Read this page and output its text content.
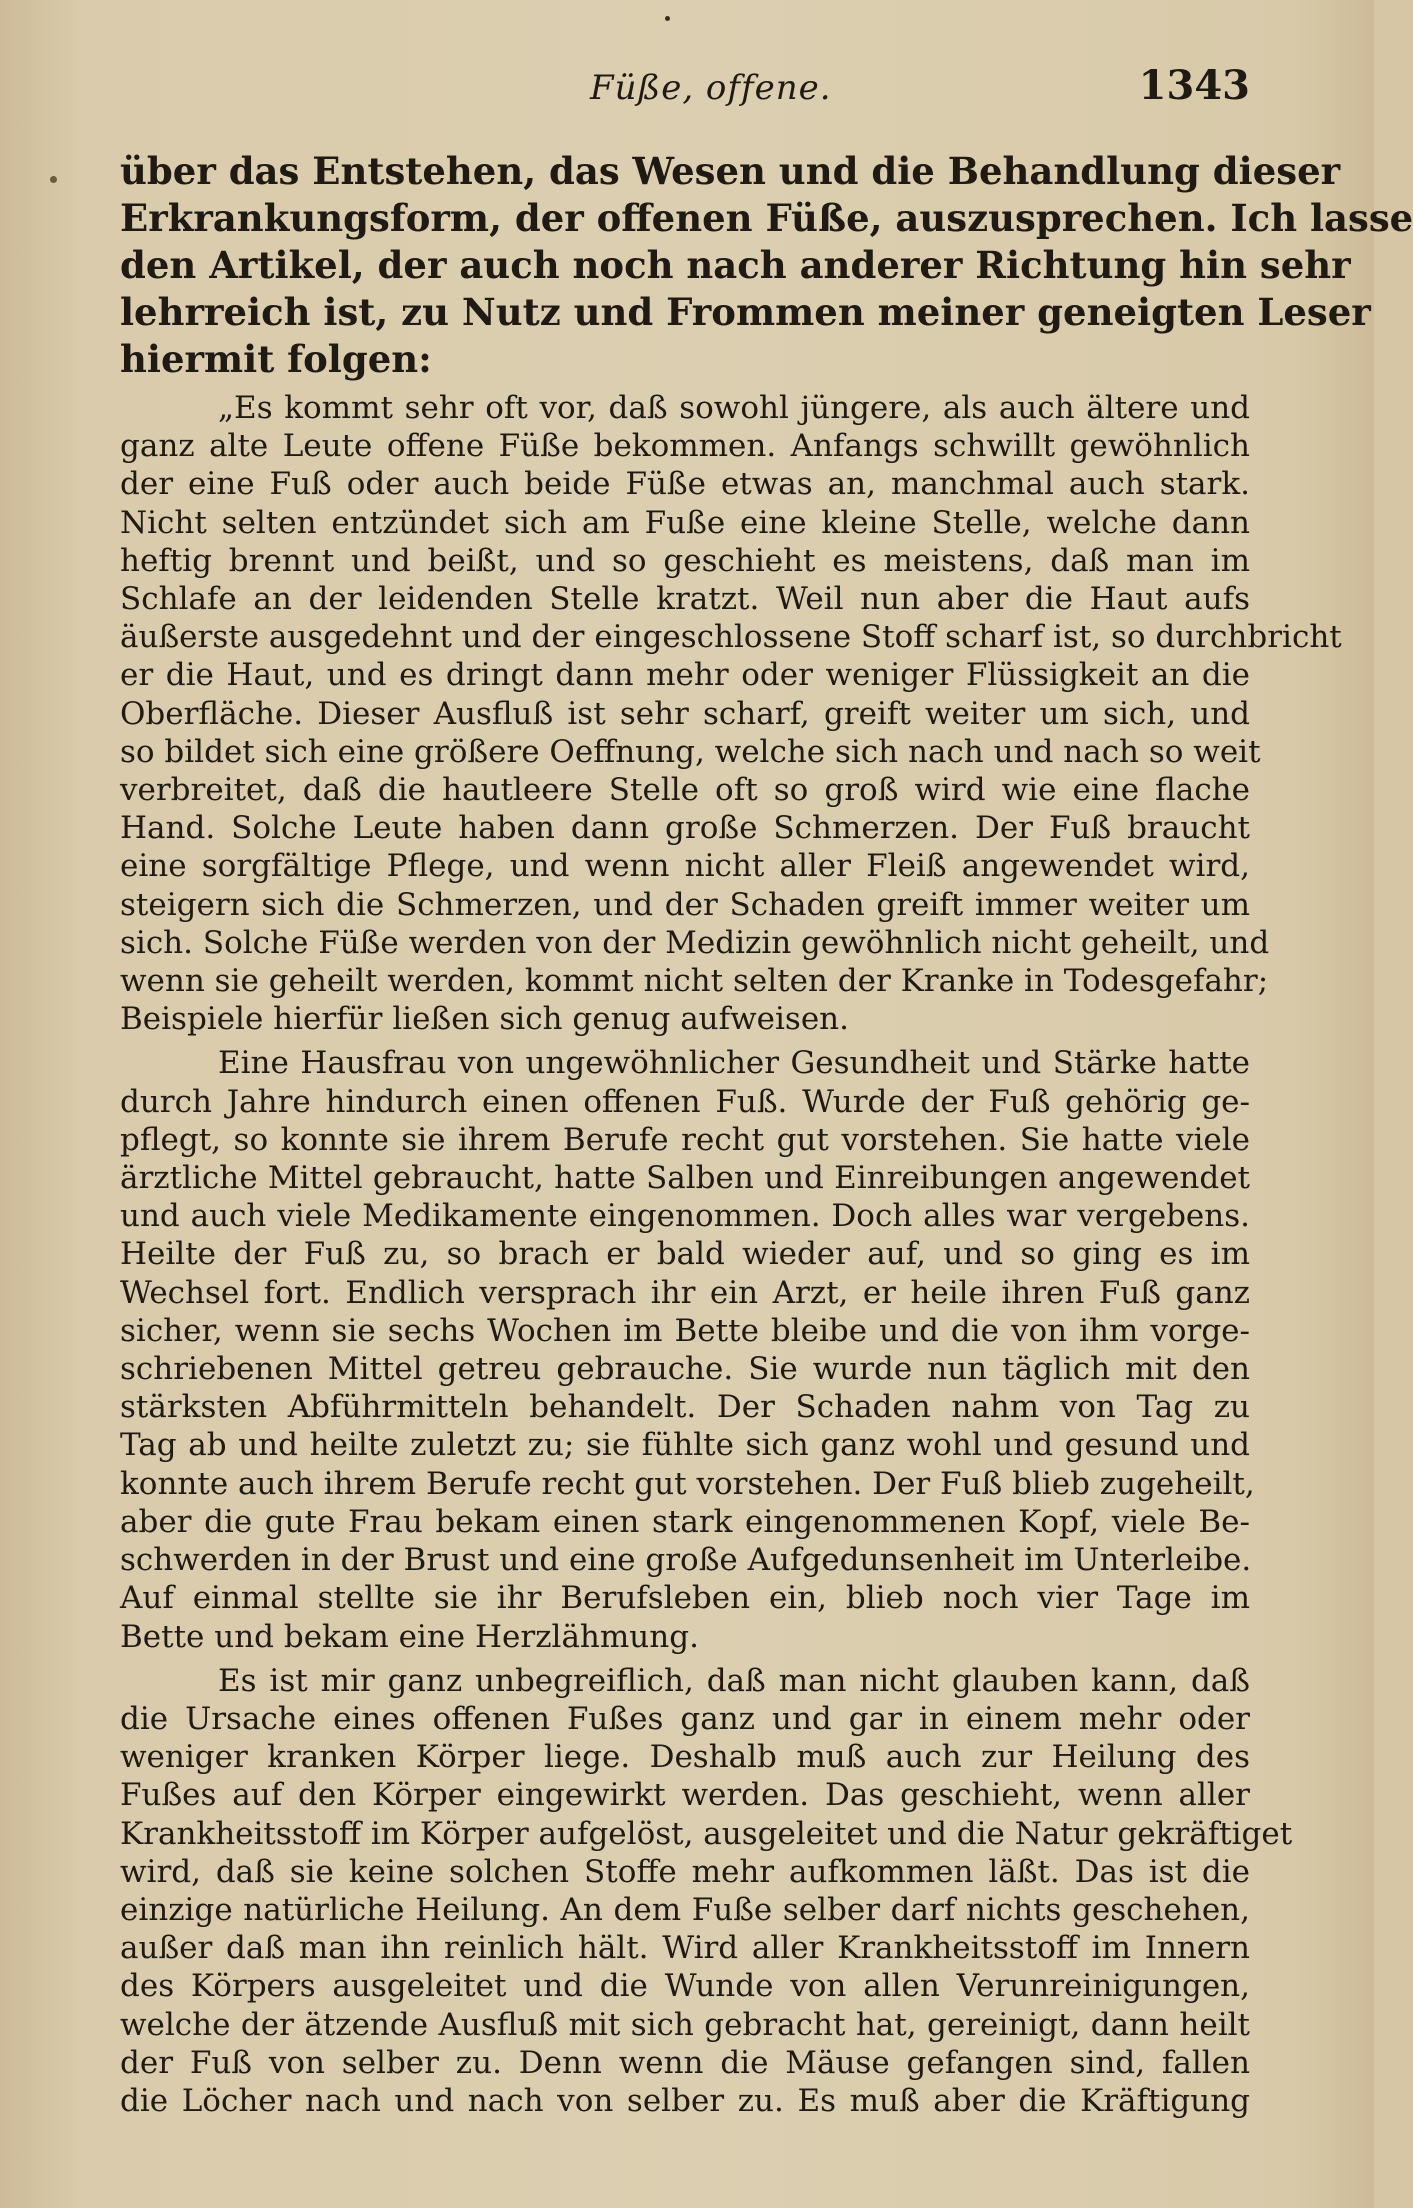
Füße, offene.	1343
über das Entstehen, das Wesen und die Behandlung dieser
Erkrankungsform, der offenen Füße, auszusprechen. Ich lasse
den Artikel, der auch noch nach anderer Richtung hin sehr
lehrreich ist, zu Nutz und Frommen meiner geneigten Leser
hiermit folgen:
„Es kommt sehr oft vor, daß sowohl jüngere, als auch ältere und
ganz alte Leute offene Füße bekommen. Anfangs schwillt gewöhnlich
der eine Fuß oder auch beide Füße etwas an, manchmal auch stark.
Nicht selten entzündet sich am Fuße eine kleine Stelle, welche dann
heftig brennt und beißt, und so geschieht es meistens, daß man im
Schlafe an der leidenden Stelle kratzt. Weil nun aber die Haut aufs
äußerste ausgedehnt und der eingeschlossene Stoff scharf ist, so durchbricht
er die Haut, und es dringt dann mehr oder weniger Flüssigkeit an die
Oberfläche. Dieser Ausfluß ist sehr scharf, greift weiter um sich, und
so bildet sich eine größere Oeffnung, welche sich nach und nach so weit
verbreitet, daß die hautleere Stelle oft so groß wird wie eine flache
Hand. Solche Leute haben dann große Schmerzen. Der Fuß braucht
eine sorgfältige Pflege, und wenn nicht aller Fleiß angewendet wird,
steigern sich die Schmerzen, und der Schaden greift immer weiter um
sich. Solche Füße werden von der Medizin gewöhnlich nicht geheilt, und
wenn sie geheilt werden, kommt nicht selten der Kranke in Todesgefahr;
Beispiele hierfür ließen sich genug aufweisen.
Eine Hausfrau von ungewöhnlicher Gesundheit und Stärke hatte
durch Jahre hindurch einen offenen Fuß. Wurde der Fuß gehörig ge-
pflegt, so konnte sie ihrem Berufe recht gut vorstehen. Sie hatte viele
ärztliche Mittel gebraucht, hatte Salben und Einreibungen angewendet
und auch viele Medikamente eingenommen. Doch alles war vergebens.
Heilte der Fuß zu, so brach er bald wieder auf, und so ging es im
Wechsel fort. Endlich versprach ihr ein Arzt, er heile ihren Fuß ganz
sicher, wenn sie sechs Wochen im Bette bleibe und die von ihm vorge-
schriebenen Mittel getreu gebrauche. Sie wurde nun täglich mit den
stärksten Abführmitteln behandelt. Der Schaden nahm von Tag zu
Tag ab und heilte zuletzt zu; sie fühlte sich ganz wohl und gesund und
konnte auch ihrem Berufe recht gut vorstehen. Der Fuß blieb zugeheilt,
aber die gute Frau bekam einen stark eingenommenen Kopf, viele Be-
schwerden in der Brust und eine große Aufgedunsenheit im Unterleibe.
Auf einmal stellte sie ihr Berufsleben ein, blieb noch vier Tage im
Bette und bekam eine Herzlähmung.
Es ist mir ganz unbegreiflich, daß man nicht glauben kann, daß
die Ursache eines offenen Fußes ganz und gar in einem mehr oder
weniger kranken Körper liege. Deshalb muß auch zur Heilung des
Fußes auf den Körper eingewirkt werden. Das geschieht, wenn aller
Krankheitsstoff im Körper aufgelöst, ausgeleitet und die Natur gekräftiget
wird, daß sie keine solchen Stoffe mehr aufkommen läßt. Das ist die
einzige natürliche Heilung. An dem Fuße selber darf nichts geschehen,
außer daß man ihn reinlich hält. Wird aller Krankheitsstoff im Innern
des Körpers ausgeleitet und die Wunde von allen Verunreinigungen,
welche der ätzende Ausfluß mit sich gebracht hat, gereinigt, dann heilt
der Fuß von selber zu. Denn wenn die Mäuse gefangen sind, fallen
die Löcher nach und nach von selber zu. Es muß aber die Kräftigung
